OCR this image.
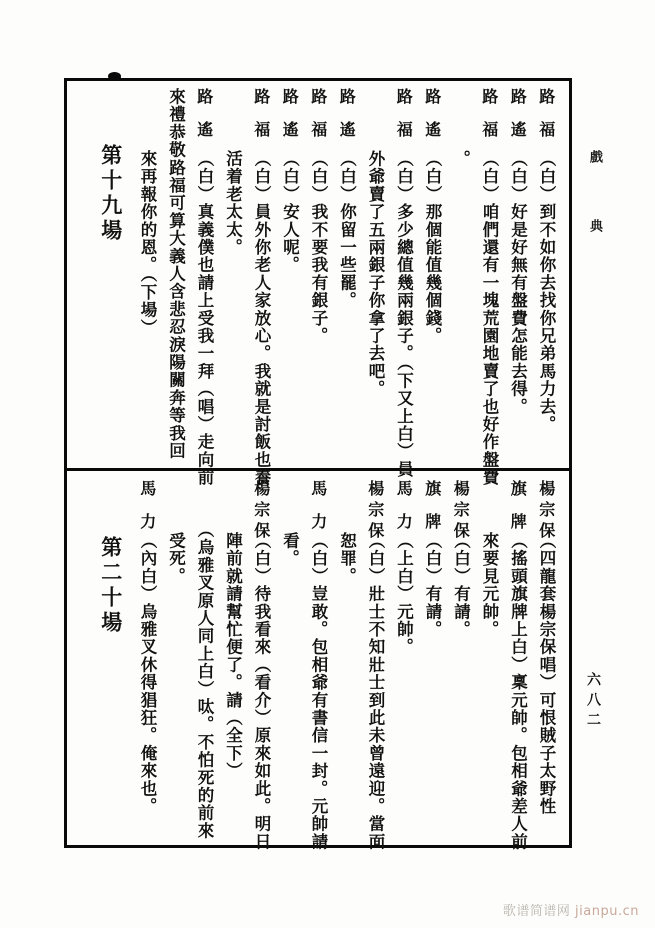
路福
（白）到不如你去找你兄弟馬力去。
路遙
（白）好是好無有盤費怎能去得。
路福
（白）咱們還有一塊荒園地賣了也好作盤費
。
路遙
（白）那個能值幾個錢。
路福
（白）多少總值幾兩銀子。（下又上白）員
外爺賣了五兩銀子你拿了去吧。
路遙
（白）你留一些罷。
路福
（白）我不要我有銀子。
路遙
（白）安人呢。
路福
（白）員外你老人家放心。我就是討飯也養
活着老太太。
路遙
（白）真義僕也請上受我一拜（唱）走向前
來禮恭敬路福可算大義人含悲忍淚陽關奔等我回
來再報你的恩。（下場）
第十九場
楊宗保
（四龍套楊宗保唱）可恨賊子太野性
旗牌
（搖頭旗牌上白）稟元帥。包相爺差人前
來要見元帥。
楊宗保
（白）有請。
旗牌
（白）有請。
馬力
（上白）元帥。
楊宗保
（白）壯士不知壯士到此未曾遠迎。當面
恕罪。
馬力
（白）豈敢。包相爺有書信一封。元帥請
看。
楊宗保
（白）待我看來（看介）原來如此。明日
陣前就請幫忙便了。請（全下）
（烏雅叉原人同上白）呔。不怕死的前來
受死。
馬力
（內白）烏雅叉休得猖狂。俺來也。
第二十場
戲典
六八二
歌谱简谱网 jianpu.cn
